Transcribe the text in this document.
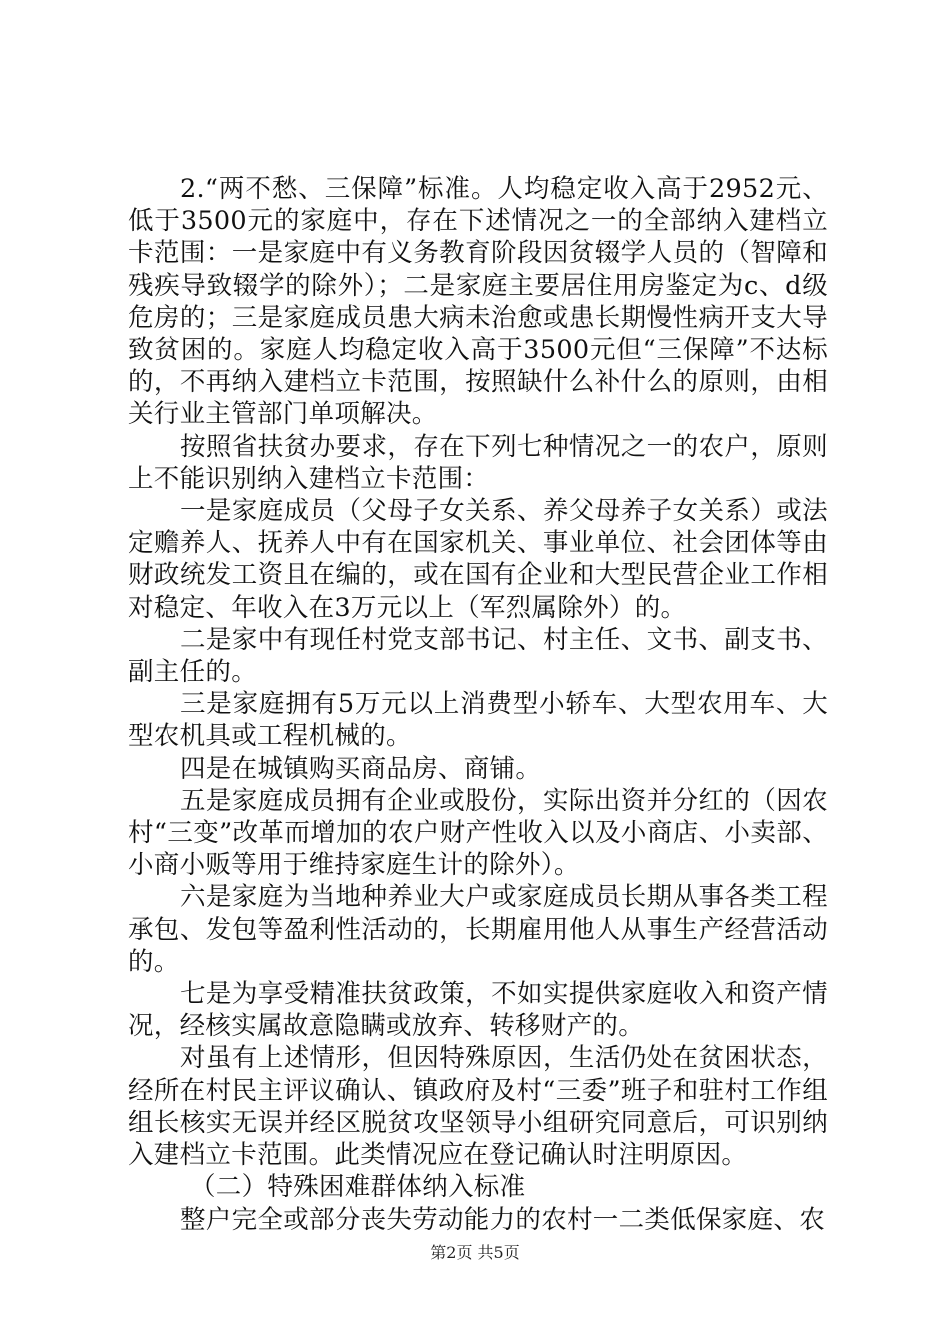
2.“两不愁、三保障”标准。人均稳定收入高于2952元、低于3500元的家庭中，存在下述情况之一的全部纳入建档立卡范围：一是家庭中有义务教育阶段因贫辍学人员的（智障和残疾导致辍学的除外）；二是家庭主要居住用房鉴定为c、d级危房的；三是家庭成员患大病未治愈或患长期慢性病开支大导致贫困的。家庭人均稳定收入高于3500元但“三保障”不达标的，不再纳入建档立卡范围，按照缺什么补什么的原则，由相关行业主管部门单项解决。

按照省扶贫办要求，存在下列七种情况之一的农户，原则上不能识别纳入建档立卡范围：

一是家庭成员（父母子女关系、养父母养子女关系）或法定赡养人、抚养人中有在国家机关、事业单位、社会团体等由财政统发工资且在编的，或在国有企业和大型民营企业工作相对稳定、年收入在3万元以上（军烈属除外）的。

二是家中有现任村党支部书记、村主任、文书、副支书、副主任的。

三是家庭拥有5万元以上消费型小轿车、大型农用车、大型农机具或工程机械的。

四是在城镇购买商品房、商铺。

五是家庭成员拥有企业或股份，实际出资并分红的（因农村“三变”改革而增加的农户财产性收入以及小商店、小卖部、小商小贩等用于维持家庭生计的除外）。

六是家庭为当地种养业大户或家庭成员长期从事各类工程承包、发包等盈利性活动的，长期雇用他人从事生产经营活动的。

七是为享受精准扶贫政策，不如实提供家庭收入和资产情况，经核实属故意隐瞒或放弃、转移财产的。

对虽有上述情形，但因特殊原因，生活仍处在贫困状态，经所在村民主评议确认、镇政府及村“三委”班子和驻村工作组组长核实无误并经区脱贫攻坚领导小组研究同意后，可识别纳入建档立卡范围。此类情况应在登记确认时注明原因。

（二）特殊困难群体纳入标准

整户完全或部分丧失劳动能力的农村一二类低保家庭、农

第2页 共5页
